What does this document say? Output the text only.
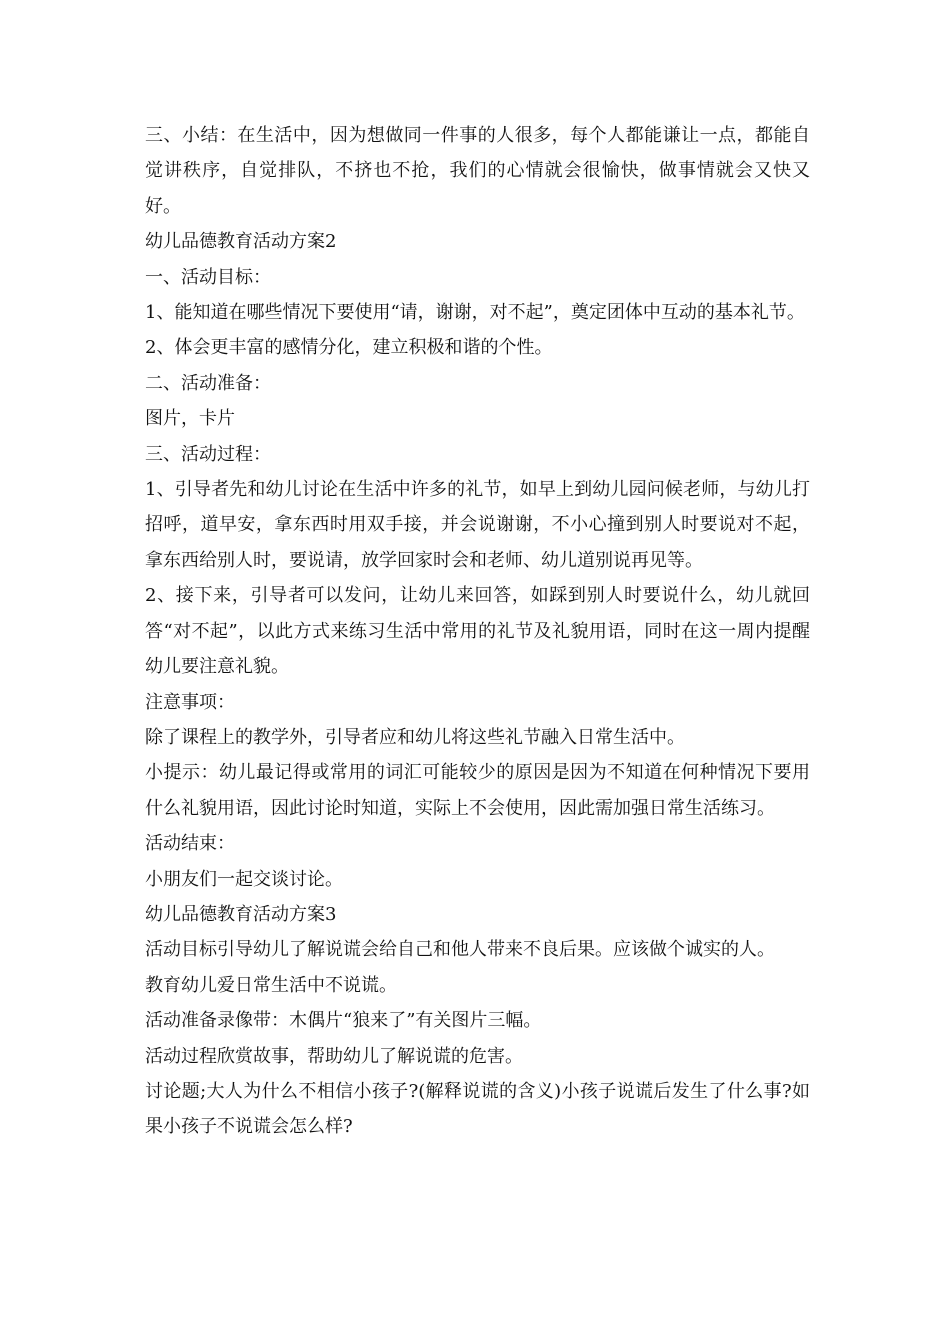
三、小结：在生活中，因为想做同一件事的人很多，每个人都能谦让一点，都能自觉讲秩序，自觉排队，不挤也不抢，我们的心情就会很愉快，做事情就会又快又好。

幼儿品德教育活动方案2

一、活动目标：

1、能知道在哪些情况下要使用“请，谢谢，对不起”，奠定团体中互动的基本礼节。

2、体会更丰富的感情分化，建立积极和谐的个性。

二、活动准备：

图片，卡片

三、活动过程：

1、引导者先和幼儿讨论在生活中许多的礼节，如早上到幼儿园问候老师，与幼儿打招呼，道早安，拿东西时用双手接，并会说谢谢，不小心撞到别人时要说对不起，拿东西给别人时，要说请，放学回家时会和老师、幼儿道别说再见等。

2、接下来，引导者可以发问，让幼儿来回答，如踩到别人时要说什么，幼儿就回答“对不起”，以此方式来练习生活中常用的礼节及礼貌用语，同时在这一周内提醒幼儿要注意礼貌。

注意事项：

除了课程上的教学外，引导者应和幼儿将这些礼节融入日常生活中。

小提示：幼儿最记得或常用的词汇可能较少的原因是因为不知道在何种情况下要用什么礼貌用语，因此讨论时知道，实际上不会使用，因此需加强日常生活练习。

活动结束：

小朋友们一起交谈讨论。

幼儿品德教育活动方案3

活动目标引导幼儿了解说谎会给自己和他人带来不良后果。应该做个诚实的人。

教育幼儿爱日常生活中不说谎。

活动准备录像带：木偶片“狼来了”有关图片三幅。

活动过程欣赏故事，帮助幼儿了解说谎的危害。

讨论题;大人为什么不相信小孩子?(解释说谎的含义)小孩子说谎后发生了什么事?如果小孩子不说谎会怎么样?
